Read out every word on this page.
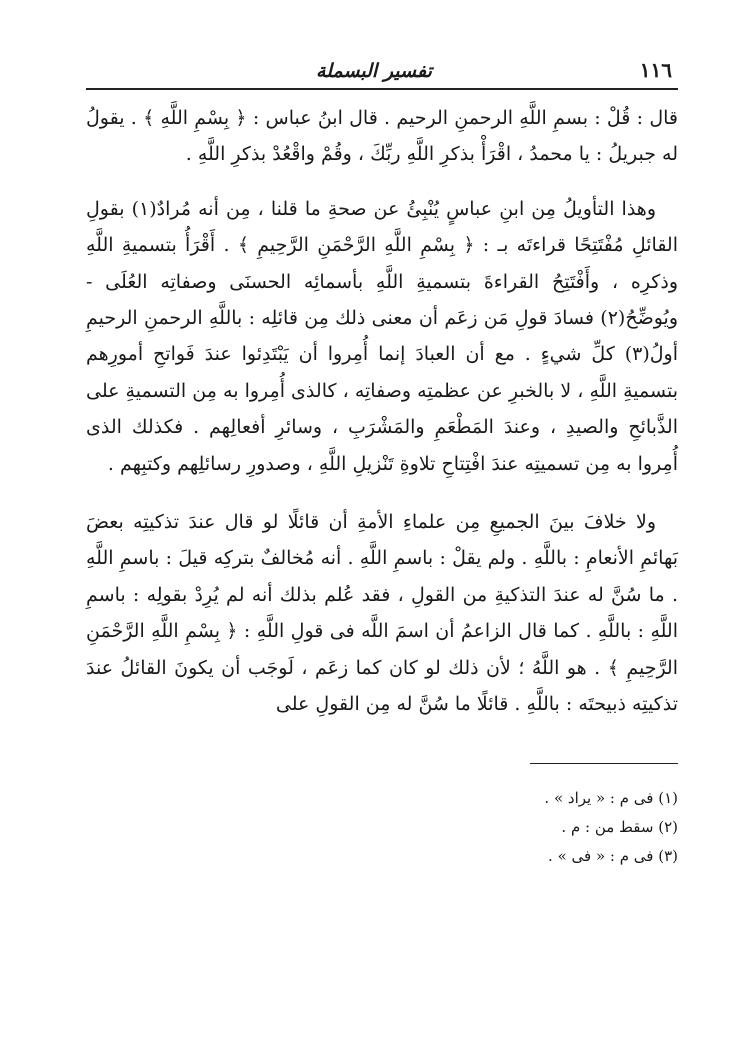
١١٦
تفسير البسملة

قال : قُلْ : بسمِ اللَّهِ الرحمنِ الرحيم . قال ابنُ عباس : ﴿ بِسْمِ اللَّهِ ﴾ . يقولُ له جبريلُ : يا محمدُ ، اقْرَأْ بذكرِ اللَّهِ ربِّكَ ، وقُمْ واقْعُدْ بذكرِ اللَّهِ .

وهذا التأويلُ مِن ابنِ عباسٍ يُنْبِئُ عن صحةِ ما قلنا ، مِن أنه مُرادٌ(١) بقولِ القائلِ مُفْتَتِحًا قراءتَه بـ : ﴿ بِسْمِ اللَّهِ الرَّحْمَنِ الرَّحِيمِ ﴾ . أَقْرَأُ بتسميةِ اللَّهِ وذكرِه ، وأَفْتَتِحُ القراءةَ بتسميةِ اللَّهِ بأسمائِه الحسنَى وصفاتِه العُلَى - ويُوضِّحُ(٢) فسادَ قولِ مَن زعَم أن معنى ذلك مِن قائلِه : باللَّهِ الرحمنِ الرحيمِ أولُ(٣) كلِّ شيءٍ . مع أن العبادَ إنما أُمِروا أن يَبْتَدِئوا عندَ فَواتحِ أمورِهم بتسميةِ اللَّهِ ، لا بالخبرِ عن عظمتِه وصفاتِه ، كالذى أُمِروا به مِن التسميةِ على الذَّبائحِ والصيدِ ، وعندَ المَطْعَمِ والمَشْرَبِ ، وسائرِ أفعالِهم . فكذلك الذى أُمِروا به مِن تسميتِه عندَ افْتِتاحِ تلاوةِ تَنْزيلِ اللَّهِ ، وصدورِ رسائلِهم وكتبِهم .

ولا خلافَ بينَ الجميعِ مِن علماءِ الأمةِ أن قائلًا لو قال عندَ تذكيتِه بعضَ بَهائمِ الأنعامِ : باللَّهِ . ولم يقلْ : باسمِ اللَّهِ . أنه مُخالفٌ بتركِه قيلَ : باسمِ اللَّهِ . ما سُنَّ له عندَ التذكيةِ من القولِ ، فقد عُلم بذلك أنه لم يُرِدْ بقولِه : باسمِ اللَّهِ : باللَّهِ . كما قال الزاعمُ أن اسمَ اللَّه فى قولِ اللَّهِ : ﴿ بِسْمِ اللَّهِ الرَّحْمَنِ الرَّحِيمِ ﴾ . هو اللَّهُ ؛ لأن ذلك لو كان كما زعَم ، لَوجَب أن يكونَ القائلُ عندَ تذكيتِه ذبيحتَه : باللَّهِ . قائلًا ما سُنَّ له مِن القولِ على

(١) فى م : « يراد » .

(٢) سقط من : م .

(٣) فى م : « فى » .
